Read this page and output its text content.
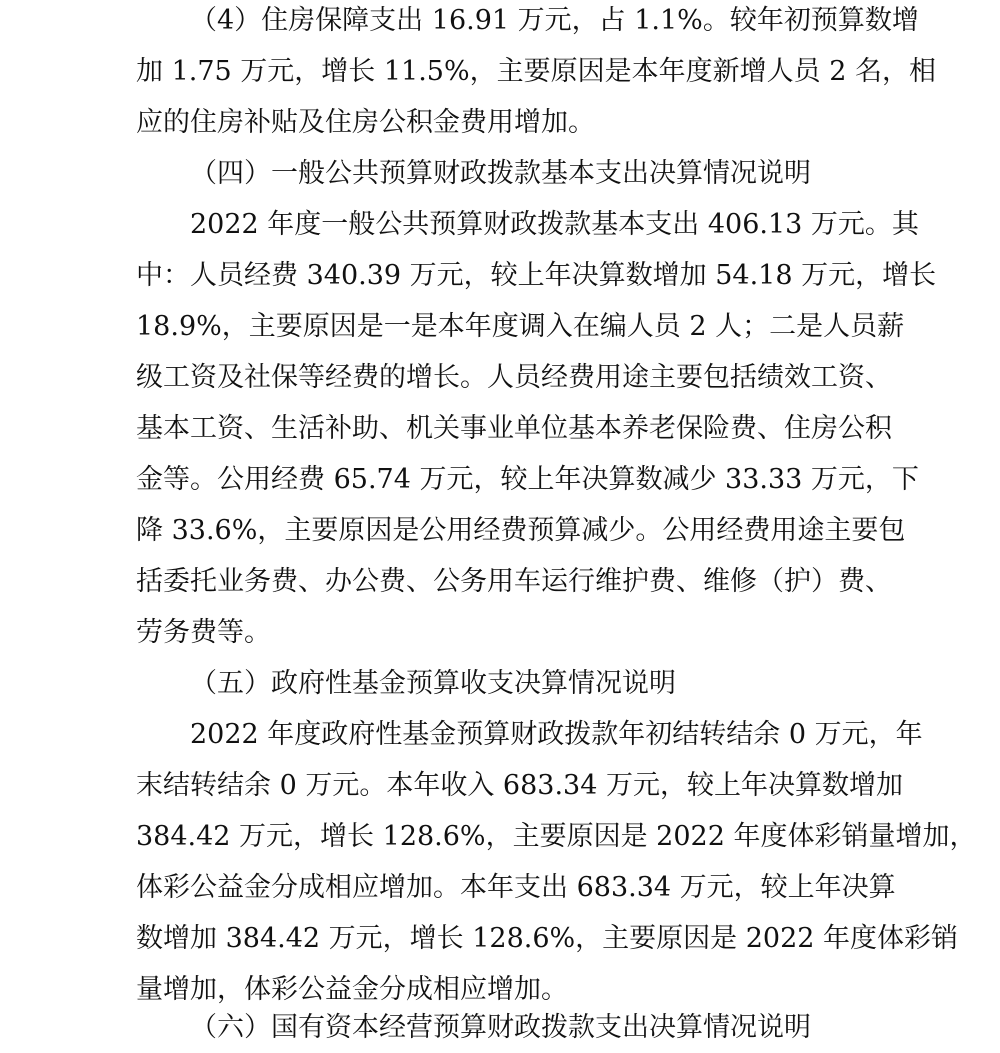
（4）住房保障支出 16.91 万元，占 1.1%。较年初预算数增
加 1.75 万元，增长 11.5%，主要原因是本年度新增人员 2 名，相
应的住房补贴及住房公积金费用增加。
（四）一般公共预算财政拨款基本支出决算情况说明
2022 年度一般公共预算财政拨款基本支出 406.13 万元。其
中：人员经费 340.39 万元，较上年决算数增加 54.18 万元，增长
18.9%，主要原因是一是本年度调入在编人员 2 人；二是人员薪
级工资及社保等经费的增长。人员经费用途主要包括绩效工资、
基本工资、生活补助、机关事业单位基本养老保险费、住房公积
金等。公用经费 65.74 万元，较上年决算数减少 33.33 万元，下
降 33.6%，主要原因是公用经费预算减少。公用经费用途主要包
括委托业务费、办公费、公务用车运行维护费、维修（护）费、
劳务费等。
（五）政府性基金预算收支决算情况说明
2022 年度政府性基金预算财政拨款年初结转结余 0 万元，年
末结转结余 0 万元。本年收入 683.34 万元，较上年决算数增加
384.42 万元，增长 128.6%，主要原因是 2022 年度体彩销量增加，
体彩公益金分成相应增加。本年支出 683.34 万元，较上年决算
数增加 384.42 万元，增长 128.6%，主要原因是 2022 年度体彩销
量增加，体彩公益金分成相应增加。
（六）国有资本经营预算财政拨款支出决算情况说明
